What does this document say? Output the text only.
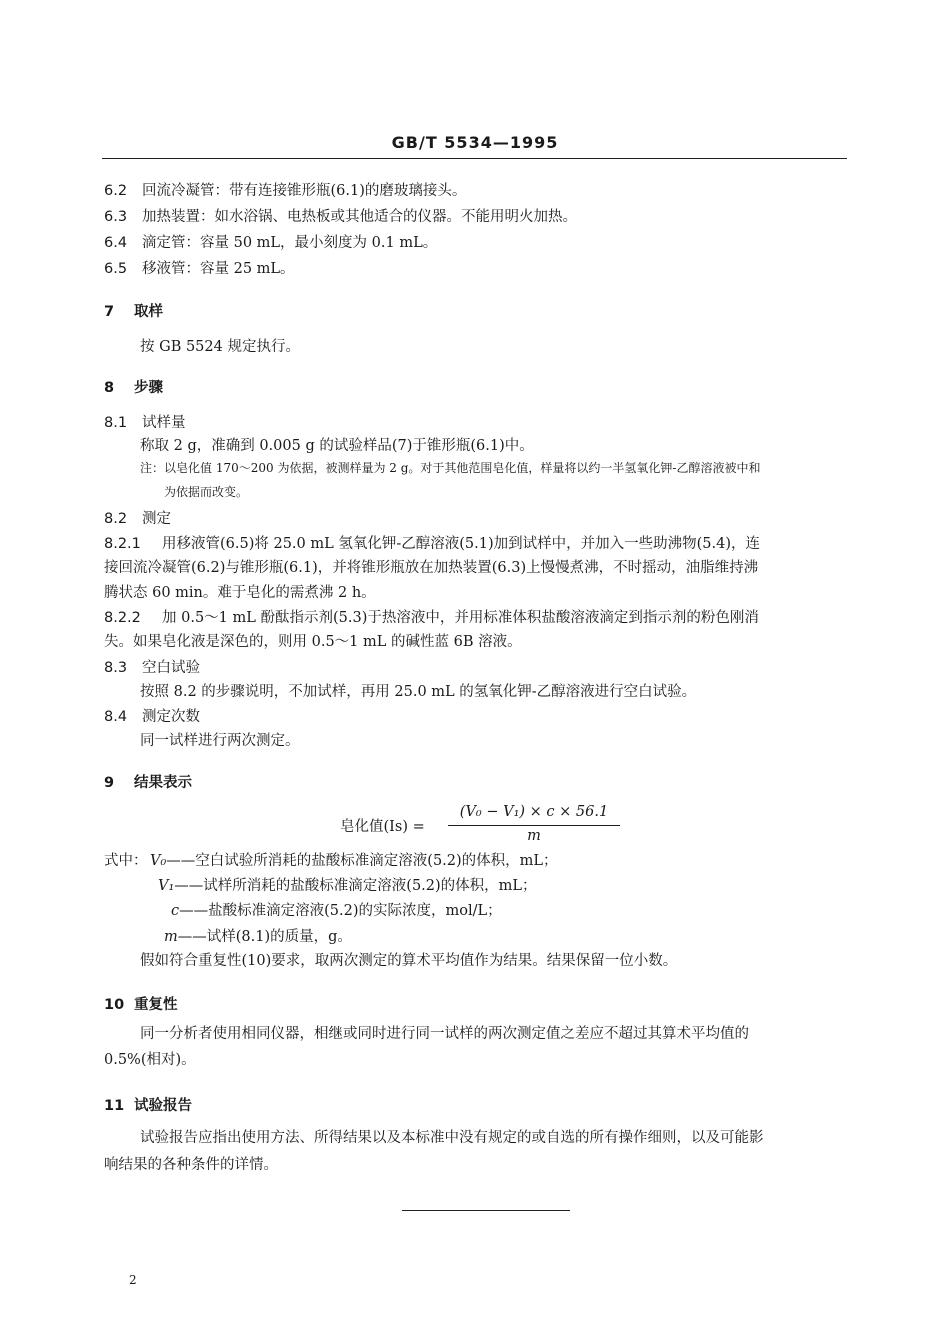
GB/T 5534—1995
6.2 回流冷凝管：带有连接锥形瓶(6.1)的磨玻璃接头。
6.3 加热装置：如水浴锅、电热板或其他适合的仪器。不能用明火加热。
6.4 滴定管：容量 50 mL，最小刻度为 0.1 mL。
6.5 移液管：容量 25 mL。
7 取样
按 GB 5524 规定执行。
8 步骤
8.1 试样量
称取 2 g，准确到 0.005 g 的试验样品(7)于锥形瓶(6.1)中。
注：以皂化值 170～200 为依据，被测样量为 2 g。对于其他范围皂化值，样量将以约一半氢氧化钾-乙醇溶液被中和
为依据而改变。
8.2 测定
8.2.1 用移液管(6.5)将 25.0 mL 氢氧化钾-乙醇溶液(5.1)加到试样中，并加入一些助沸物(5.4)，连
接回流冷凝管(6.2)与锥形瓶(6.1)，并将锥形瓶放在加热装置(6.3)上慢慢煮沸，不时摇动，油脂维持沸
腾状态 60 min。难于皂化的需煮沸 2 h。
8.2.2 加 0.5～1 mL 酚酞指示剂(5.3)于热溶液中，并用标准体积盐酸溶液滴定到指示剂的粉色刚消
失。如果皂化液是深色的，则用 0.5～1 mL 的碱性蓝 6B 溶液。
8.3 空白试验
按照 8.2 的步骤说明，不加试样，再用 25.0 mL 的氢氧化钾-乙醇溶液进行空白试验。
8.4 测定次数
同一试样进行两次测定。
9 结果表示
皂化值(Is) =
(V₀ − V₁) × c × 56.1
m
式中： V₀——空白试验所消耗的盐酸标准滴定溶液(5.2)的体积，mL；
V₁——试样所消耗的盐酸标准滴定溶液(5.2)的体积，mL；
c——盐酸标准滴定溶液(5.2)的实际浓度，mol/L；
m——试样(8.1)的质量，g。
假如符合重复性(10)要求，取两次测定的算术平均值作为结果。结果保留一位小数。
10 重复性
同一分析者使用相同仪器，相继或同时进行同一试样的两次测定值之差应不超过其算术平均值的
0.5%(相对)。
11 试验报告
试验报告应指出使用方法、所得结果以及本标准中没有规定的或自选的所有操作细则，以及可能影
响结果的各种条件的详情。
2
